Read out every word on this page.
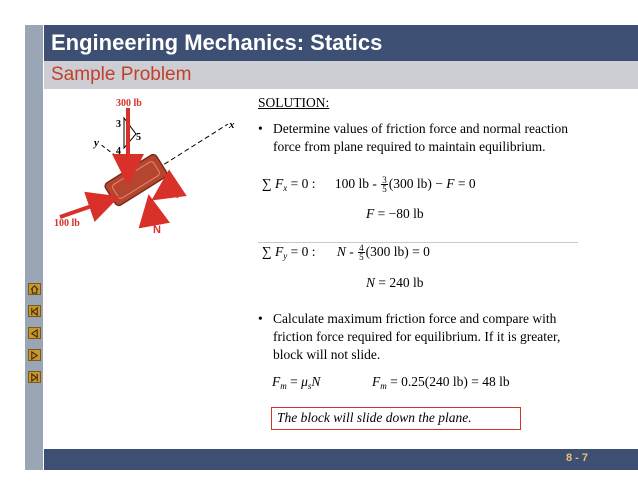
Engineering Mechanics: Statics
Sample Problem
300 lb
100 lb
3
4
5
x
y
F
N
SOLUTION:
• Determine values of friction force and normal reaction force from plane required to maintain equilibrium.
∑ $F_x = 0$ : 100 lb - $\frac{3}{5} (300$ lb) − F = 0
F = −80 lb
∑ $F_y = 0$ : N - $\frac{4}{5} (300$ lb) = 0
N = 240 lb
• Calculate maximum friction force and compare with friction force required for equilibrium. If it is greater, block will not slide.
$F_m = \mu_sN$	$F_m = 0.25(240$ lb) = 48 lb
The block will slide down the plane.
8 - 7
